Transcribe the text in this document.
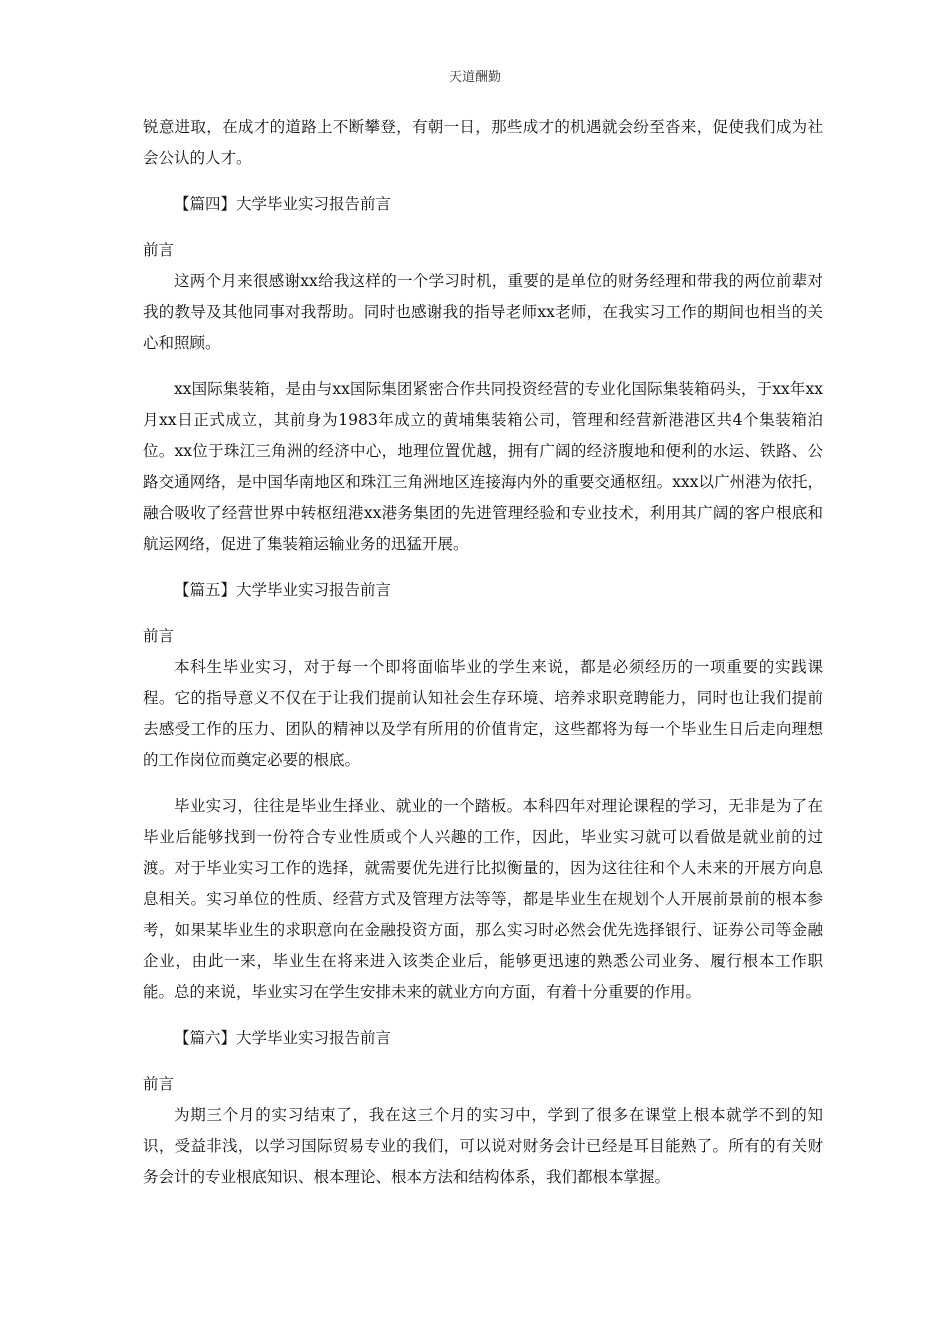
天道酬勤

锐意进取，在成才的道路上不断攀登，有朝一日，那些成才的机遇就会纷至沓来，促使我们成为社会公认的人才。

【篇四】大学毕业实习报告前言

前言

这两个月来很感谢xx给我这样的一个学习时机，重要的是单位的财务经理和带我的两位前辈对我的教导及其他同事对我帮助。同时也感谢我的指导老师xx老师，在我实习工作的期间也相当的关心和照顾。

xx国际集装箱，是由与xx国际集团紧密合作共同投资经营的专业化国际集装箱码头，于xx年xx月xx日正式成立，其前身为1983年成立的黄埔集装箱公司，管理和经营新港港区共4个集装箱泊位。xx位于珠江三角洲的经济中心，地理位置优越，拥有广阔的经济腹地和便利的水运、铁路、公路交通网络，是中国华南地区和珠江三角洲地区连接海内外的重要交通枢纽。xxx以广州港为依托，融合吸收了经营世界中转枢纽港xx港务集团的先进管理经验和专业技术，利用其广阔的客户根底和航运网络，促进了集装箱运输业务的迅猛开展。

【篇五】大学毕业实习报告前言

前言

本科生毕业实习，对于每一个即将面临毕业的学生来说，都是必须经历的一项重要的实践课程。它的指导意义不仅在于让我们提前认知社会生存环境、培养求职竞聘能力，同时也让我们提前去感受工作的压力、团队的精神以及学有所用的价值肯定，这些都将为每一个毕业生日后走向理想的工作岗位而奠定必要的根底。

毕业实习，往往是毕业生择业、就业的一个踏板。本科四年对理论课程的学习，无非是为了在毕业后能够找到一份符合专业性质或个人兴趣的工作，因此，毕业实习就可以看做是就业前的过渡。对于毕业实习工作的选择，就需要优先进行比拟衡量的，因为这往往和个人未来的开展方向息息相关。实习单位的性质、经营方式及管理方法等等，都是毕业生在规划个人开展前景前的根本参考，如果某毕业生的求职意向在金融投资方面，那么实习时必然会优先选择银行、证券公司等金融企业，由此一来，毕业生在将来进入该类企业后，能够更迅速的熟悉公司业务、履行根本工作职能。总的来说，毕业实习在学生安排未来的就业方向方面，有着十分重要的作用。

【篇六】大学毕业实习报告前言

前言

为期三个月的实习结束了，我在这三个月的实习中，学到了很多在课堂上根本就学不到的知识，受益非浅，以学习国际贸易专业的我们，可以说对财务会计已经是耳目能熟了。所有的有关财务会计的专业根底知识、根本理论、根本方法和结构体系，我们都根本掌握。
